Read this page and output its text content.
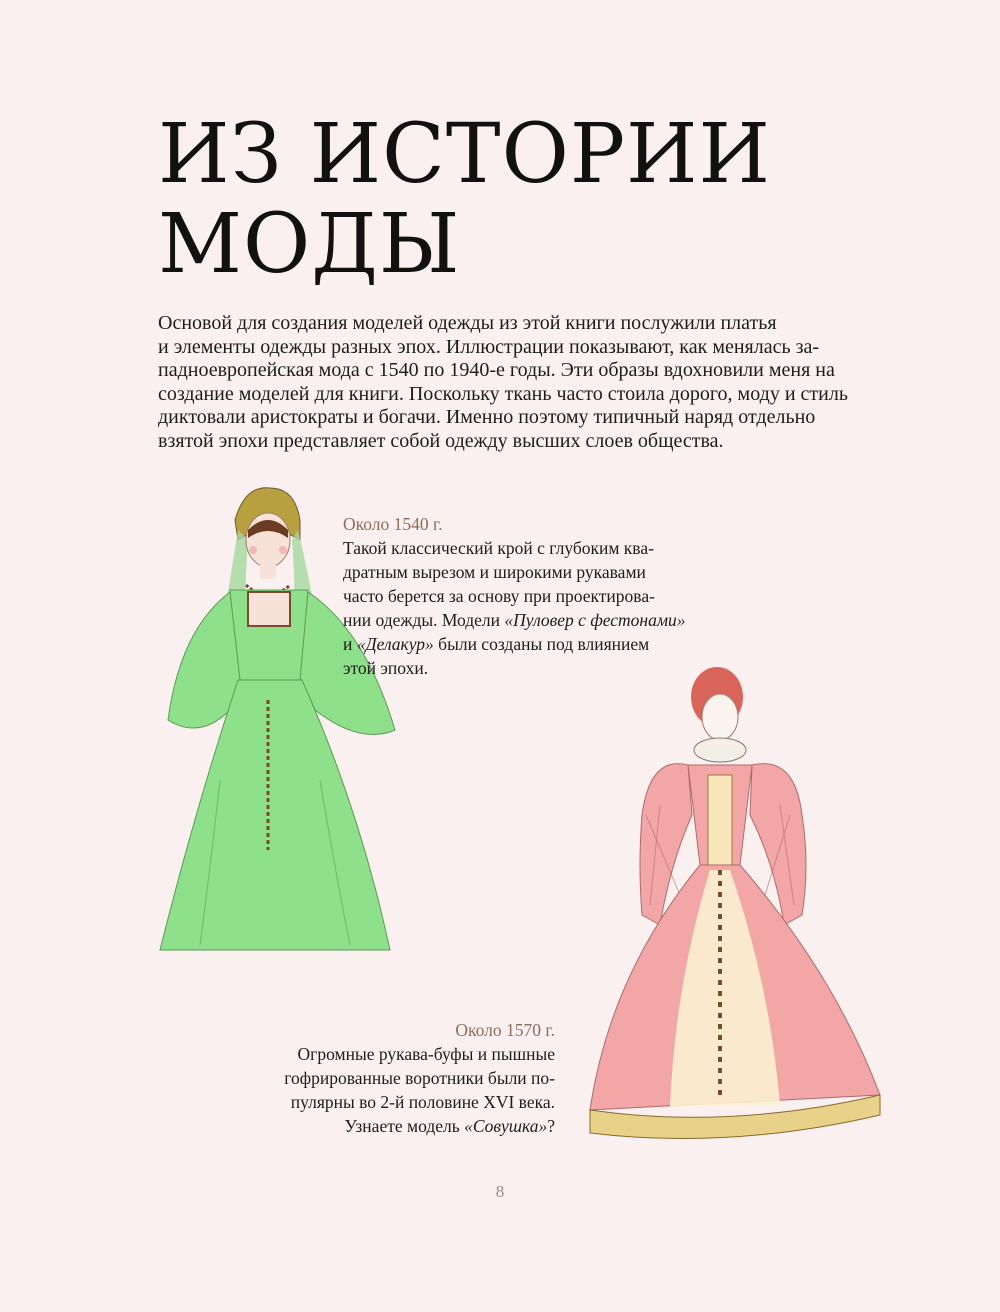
ИЗ ИСТОРИИ
МОДЫ

Основой для создания моделей одежды из этой книги послужили платья
и элементы одежды разных эпох. Иллюстрации показывают, как менялась за-
падноевропейская мода с 1540 по 1940-е годы. Эти образы вдохновили меня на
создание моделей для книги. Поскольку ткань часто стоила дорого, моду и стиль
диктовали аристократы и богачи. Именно поэтому типичный наряд отдельно
взятой эпохи представляет собой одежду высших слоев общества.

Около 1540 г.
Такой классический крой с глубоким ква-
дратным вырезом и широкими рукавами
часто берется за основу при проектирова-
нии одежды. Модели «Пуловер с фестонами»
и «Делакур» были созданы под влиянием
этой эпохи.
Около 1570 г.
Огромные рукава-буфы и пышные
гофрированные воротники были по-
пулярны во 2-й половине XVI века.
Узнаете модель «Совушка»?
8
